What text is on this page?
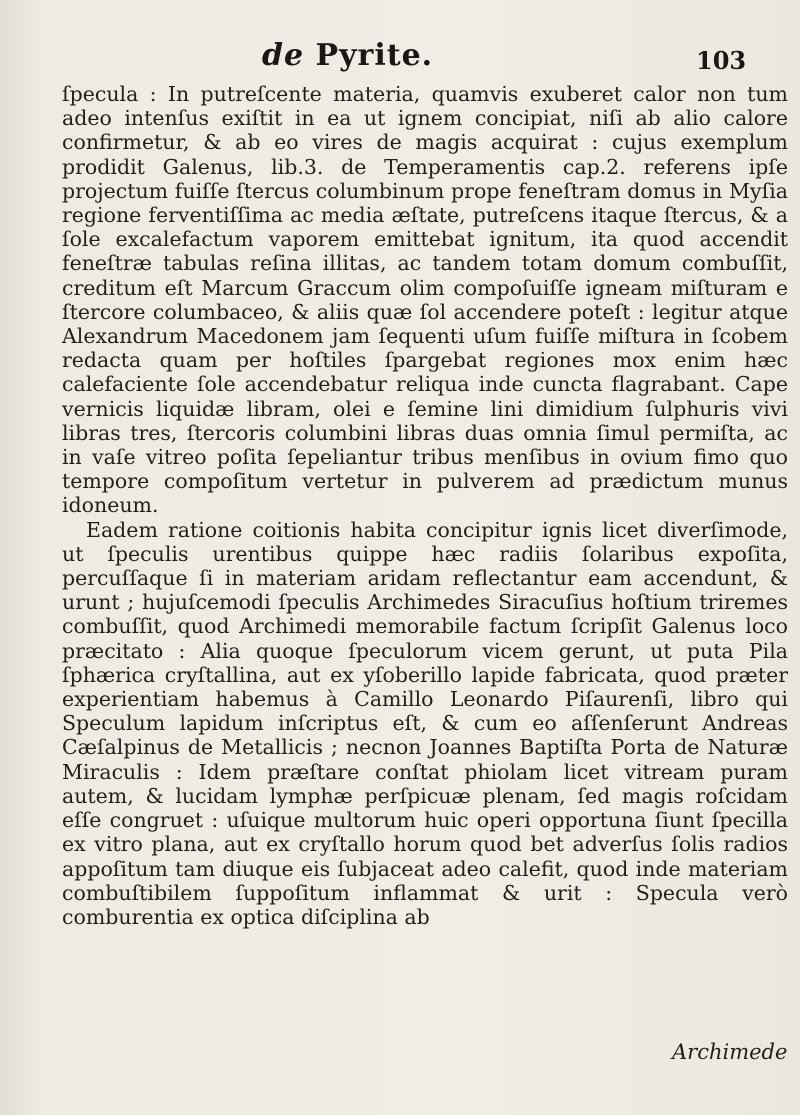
de Pyrite.	103

ſpecula : In putreſcente materia, quamvis exuberet calor non tum adeo intenſus exiſtit in ea ut ignem concipiat, niſi ab alio calore confirmetur, & ab eo vires de magis acquirat : cujus exemplum prodidit Galenus, lib.3. de Temperamentis cap.2. referens ipſe projectum fuiſſe ſtercus columbinum prope feneſtram domus in Myſia regione ferventiſſima ac media æſtate, putreſcens itaque ſtercus, & a ſole excalefactum vaporem emittebat ignitum, ita quod accendit feneſtræ tabulas reſina illitas, ac tandem totam domum combuſſit, creditum eſt Marcum Graccum olim compoſuiſſe igneam miſturam e ſtercore columbaceo, & aliis quæ ſol accendere poteſt : legitur atque Alexandrum Macedonem jam ſequenti uſum fuiſſe miſtura in ſcobem redacta quam per hoſtiles ſpargebat regiones mox enim hæc calefaciente ſole accendebatur reliqua inde cuncta flagrabant. Cape vernicis liquidæ libram, olei e ſemine lini dimidium ſulphuris vivi libras tres, ſtercoris columbini libras duas omnia ſimul permiſta, ac in vaſe vitreo poſita ſepeliantur tribus menſibus in ovium fimo quo tempore compoſitum vertetur in pulverem ad prædictum munus idoneum.

Eadem ratione coitionis habita concipitur ignis licet diverſimode, ut ſpeculis urentibus quippe hæc radiis ſolaribus expoſita, percuſſaque ſi in materiam aridam reflectantur eam accendunt, & urunt ; hujuſcemodi ſpeculis Archimedes Siracuſius hoſtium triremes combuſſit, quod Archimedi memorabile factum ſcripſit Galenus loco præcitato : Alia quoque ſpeculorum vicem gerunt, ut puta Pila ſphærica cryſtallina, aut ex yſoberillo lapide fabricata, quod præter experientiam habemus à Camillo Leonardo Piſaurenſi, libro qui Speculum lapidum inſcriptus eſt, & cum eo aſſenſerunt Andreas Cæſalpinus de Metallicis ; necnon Joannes Baptiſta Porta de Naturæ Miraculis : Idem præſtare conſtat phiolam licet vitream puram autem, & lucidam lymphæ perſpicuæ plenam, ſed magis roſcidam eſſe congruet : uſuique multorum huic operi opportuna ſiunt ſpecilla ex vitro plana, aut ex cryſtallo horum quod bet adverſus ſolis radios appoſitum tam diuque eis ſubjaceat adeo calefit, quod inde materiam combuſtibilem ſuppoſitum inflammat & urit : Specula verò comburentia ex optica diſciplina ab

Archimede
